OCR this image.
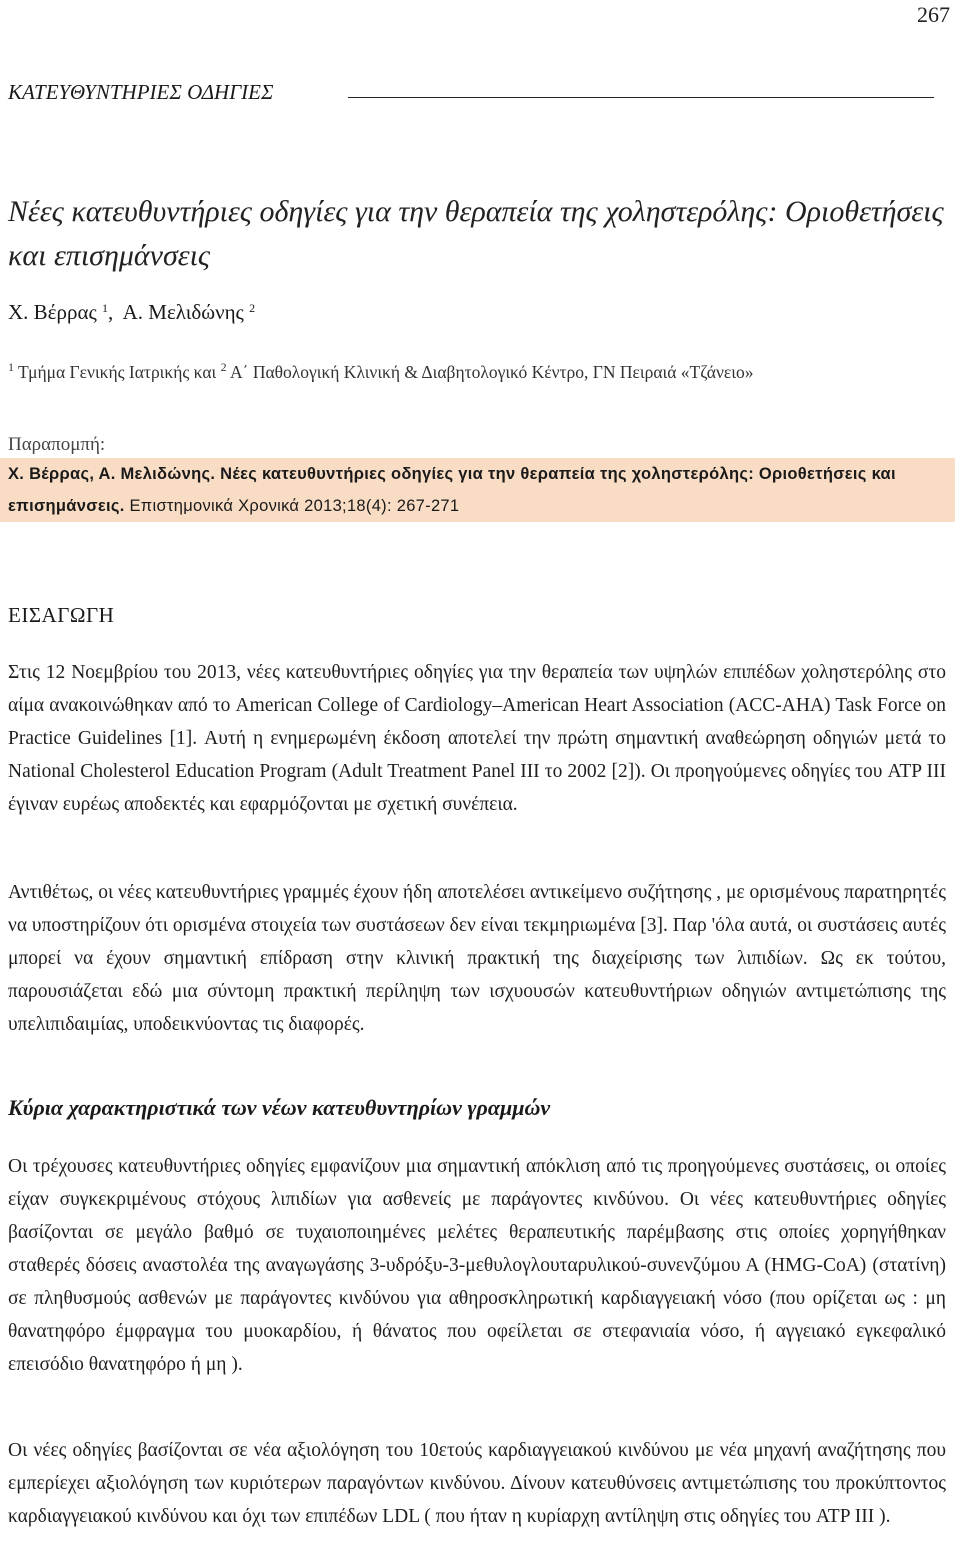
267
ΚΑΤΕΥΘΥΝΤΗΡΙΕΣ ΟΔΗΓΙΕΣ
Νέες κατευθυντήριες οδηγίες για την θεραπεία της χοληστερόλης: Οριοθετήσεις και επισημάνσεις
Χ. Βέρρας $^1$,  Α. Μελιδώνης $^2$
$^1$ Τμήμα Γενικής Ιατρικής και $^2$ Α΄ Παθολογική Κλινική & Διαβητολογικό Κέντρο, ΓΝ Πειραιά «Τζάνειο»
Παραπομπή:
Χ. Βέρρας, Α. Μελιδώνης. Νέες κατευθυντήριες οδηγίες για την θεραπεία της χοληστερόλης: Οριοθετήσεις και επισημάνσεις. Επιστημονικά Χρονικά 2013;18(4): 267-271
ΕΙΣΑΓΩΓΗ
Στις 12 Νοεμβρίου του 2013, νέες κατευθυντήριες οδηγίες για την θεραπεία των υψηλών επιπέδων χοληστερόλης στο αίμα ανακοινώθηκαν από το American College of Cardiology–American Heart Association (ACC-AHA) Task Force on Practice Guidelines [1]. Αυτή η ενημερωμένη έκδοση αποτελεί την πρώτη σημαντική αναθεώρηση οδηγιών μετά το National Cholesterol Education Program (Adult Treatment Panel III το 2002 [2]). Οι προηγούμενες οδηγίες του ATP III έγιναν ευρέως αποδεκτές και εφαρμόζονται με σχετική συνέπεια.
Αντιθέτως, οι νέες κατευθυντήριες γραμμές έχουν ήδη αποτελέσει αντικείμενο συζήτησης , με ορισμένους παρατηρητές να υποστηρίζουν ότι ορισμένα στοιχεία των συστάσεων δεν είναι τεκμηριωμένα [3]. Παρ 'όλα αυτά, οι συστάσεις αυτές μπορεί να έχουν σημαντική επίδραση στην κλινική πρακτική της διαχείρισης των λιπιδίων. Ως εκ τούτου, παρουσιάζεται εδώ μια σύντομη πρακτική περίληψη των ισχυουσών κατευθυντήριων οδηγιών αντιμετώπισης της υπελιπιδαιμίας, υποδεικνύοντας τις διαφορές.
Κύρια χαρακτηριστικά των νέων κατευθυντηρίων γραμμών
Οι τρέχουσες κατευθυντήριες οδηγίες εμφανίζουν μια σημαντική απόκλιση από τις προηγούμενες συστάσεις, οι οποίες είχαν συγκεκριμένους στόχους λιπιδίων για ασθενείς με παράγοντες κινδύνου. Οι νέες κατευθυντήριες οδηγίες βασίζονται σε μεγάλο βαθμό σε τυχαιοποιημένες μελέτες θεραπευτικής παρέμβασης στις οποίες χορηγήθηκαν σταθερές δόσεις αναστολέα της αναγωγάσης 3-υδρόξυ-3-μεθυλογλουταρυλικού-συνενζύμου Α (HMG-CoA) (στατίνη) σε πληθυσμούς ασθενών με παράγοντες κινδύνου για αθηροσκληρωτική καρδιαγγειακή νόσο (που ορίζεται ως : μη θανατηφόρο έμφραγμα του μυοκαρδίου, ή θάνατος που οφείλεται σε στεφανιαία νόσο, ή αγγειακό εγκεφαλικό επεισόδιο θανατηφόρο ή μη ).
Οι νέες οδηγίες βασίζονται σε νέα αξιολόγηση του 10ετούς καρδιαγγειακού κινδύνου με νέα μηχανή αναζήτησης που εμπερίεχει αξιολόγηση των κυριότερων παραγόντων κινδύνου. Δίνουν κατευθύνσεις αντιμετώπισης του προκύπτοντος καρδιαγγειακού κινδύνου και όχι των επιπέδων LDL ( που ήταν η κυρίαρχη αντίληψη στις οδηγίες του ATP III ).
